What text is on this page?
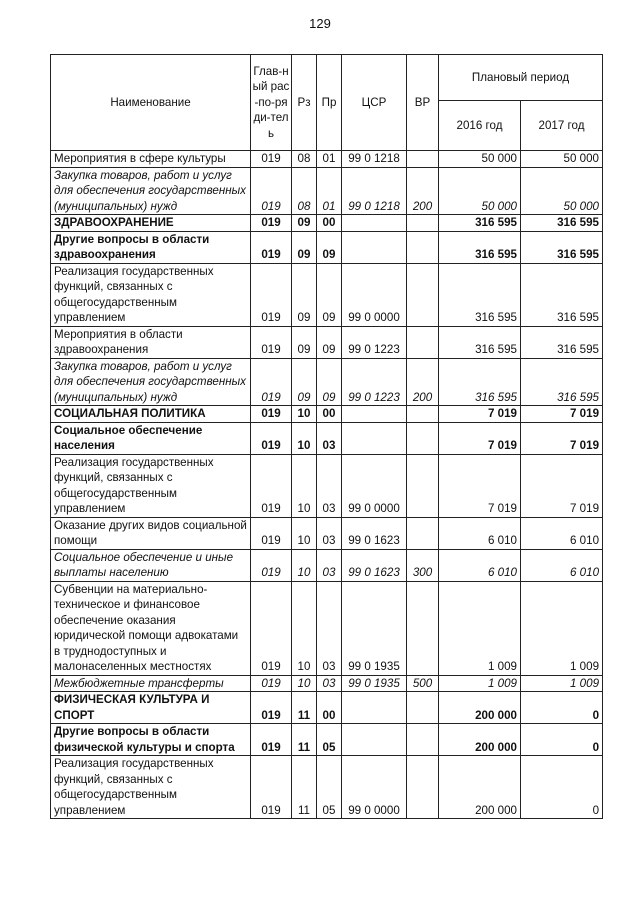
129
Наименование	Глав-ный рас-по-ряди-тель	Рз	Пр	ЦСР	ВР	Плановый период	
						2016 год	2017 год
Мероприятия в сфере культуры	019	08	01	99 0 1218		50 000	50 000
Закупка товаров, работ и услуг для обеспечения государственных (муниципальных) нужд	019	08	01	99 0 1218	200	50 000	50 000
ЗДРАВООХРАНЕНИЕ	019	09	00			316 595	316 595
Другие вопросы в области здравоохранения	019	09	09			316 595	316 595
Реализация государственных функций, связанных с общегосударственным управлением	019	09	09	99 0 0000		316 595	316 595
Мероприятия в области здравоохранения	019	09	09	99 0 1223		316 595	316 595
Закупка товаров, работ и услуг для обеспечения государственных (муниципальных) нужд	019	09	09	99 0 1223	200	316 595	316 595
СОЦИАЛЬНАЯ ПОЛИТИКА	019	10	00			7 019	7 019
Социальное обеспечение населения	019	10	03			7 019	7 019
Реализация государственных функций, связанных с общегосударственным управлением	019	10	03	99 0 0000		7 019	7 019
Оказание других видов социальной помощи	019	10	03	99 0 1623		6 010	6 010
Социальное обеспечение и иные выплаты населению	019	10	03	99 0 1623	300	6 010	6 010
Субвенции на материально-техническое и финансовое обеспечение оказания юридической помощи адвокатами в труднодоступных и малонаселенных местностях	019	10	03	99 0 1935		1 009	1 009
Межбюджетные трансферты	019	10	03	99 0 1935	500	1 009	1 009
ФИЗИЧЕСКАЯ КУЛЬТУРА И СПОРТ	019	11	00			200 000	0
Другие вопросы в области физической культуры и спорта	019	11	05			200 000	0
Реализация государственных функций, связанных с общегосударственным управлением	019	11	05	99 0 0000		200 000	0
